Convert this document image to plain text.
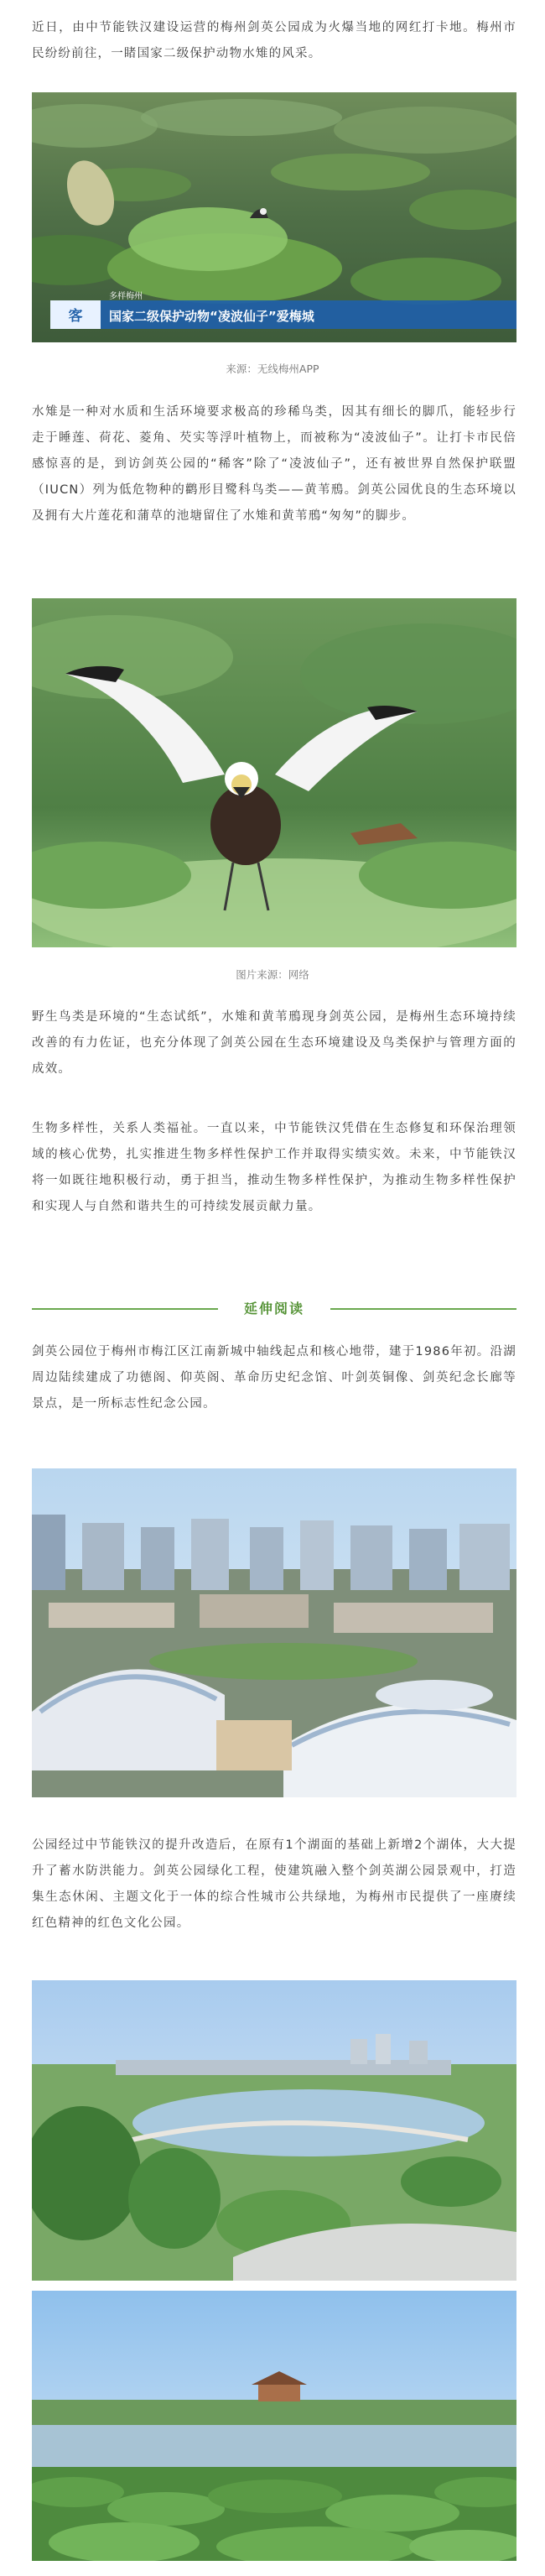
近日，由中节能铁汉建设运营的梅州剑英公园成为火爆当地的网红打卡地。梅州市民纷纷前往，一睹国家二级保护动物水雉的风采。

客
多样梅州
国家二级保护动物“凌波仙子”爱梅城

来源：无线梅州APP

水雉是一种对水质和生活环境要求极高的珍稀鸟类，因其有细长的脚爪，能轻步行走于睡莲、荷花、菱角、芡实等浮叶植物上，而被称为“凌波仙子”。让打卡市民倍感惊喜的是，到访剑英公园的“稀客”除了“凌波仙子”，还有被世界自然保护联盟（IUCN）列为低危物种的鹳形目鹭科鸟类——黄苇鳽。剑英公园优良的生态环境以及拥有大片莲花和蒲草的池塘留住了水雉和黄苇鳽“匆匆”的脚步。

图片来源：网络

野生鸟类是环境的“生态试纸”，水雉和黄苇鳽现身剑英公园，是梅州生态环境持续改善的有力佐证，也充分体现了剑英公园在生态环境建设及鸟类保护与管理方面的成效。

生物多样性，关系人类福祉。一直以来，中节能铁汉凭借在生态修复和环保治理领域的核心优势，扎实推进生物多样性保护工作并取得实绩实效。未来，中节能铁汉将一如既往地积极行动，勇于担当，推动生物多样性保护，为推动生物多样性保护和实现人与自然和谐共生的可持续发展贡献力量。

延伸阅读

剑英公园位于梅州市梅江区江南新城中轴线起点和核心地带，建于1986年初。沿湖周边陆续建成了功德阁、仰英阁、革命历史纪念馆、叶剑英铜像、剑英纪念长廊等景点，是一所标志性纪念公园。

公园经过中节能铁汉的提升改造后，在原有1个湖面的基础上新增2个湖体，大大提升了蓄水防洪能力。剑英公园绿化工程，使建筑融入整个剑英湖公园景观中，打造集生态休闲、主题文化于一体的综合性城市公共绿地，为梅州市民提供了一座赓续红色精神的红色文化公园。
